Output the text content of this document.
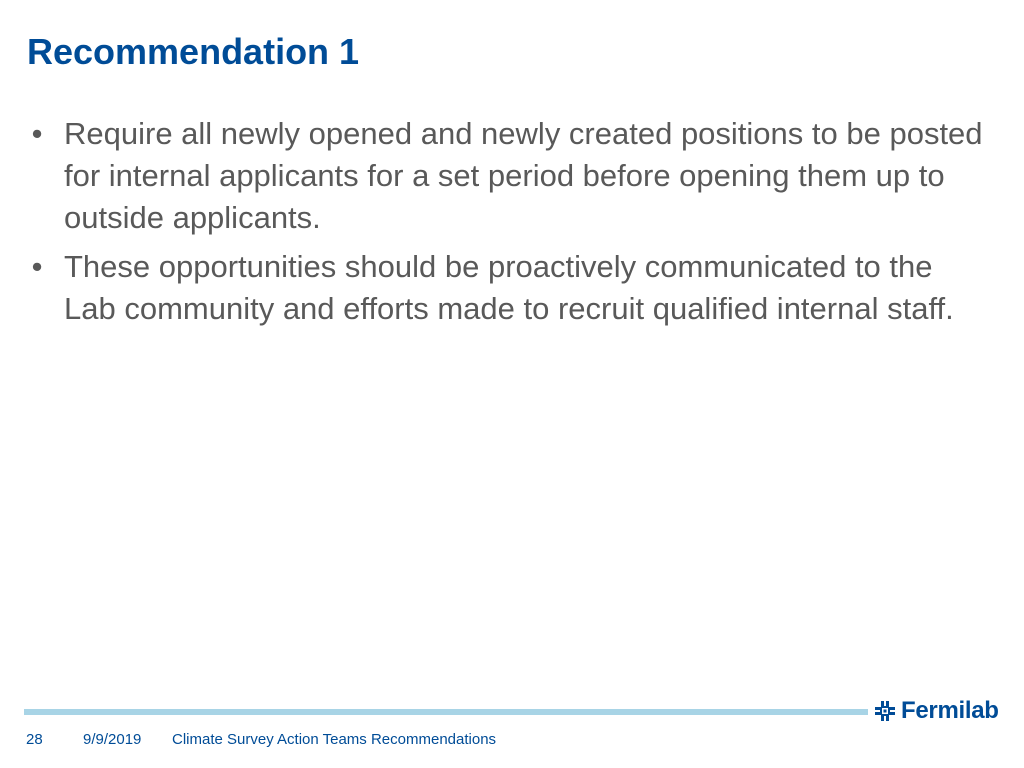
Recommendation 1
• Require all newly opened and newly created positions to be posted for internal applicants for a set period before opening them up to outside applicants.
• These opportunities should be proactively communicated to the Lab community and efforts made to recruit qualified internal staff.
Fermilab
28	9/9/2019 Climate Survey Action Teams Recommendations
